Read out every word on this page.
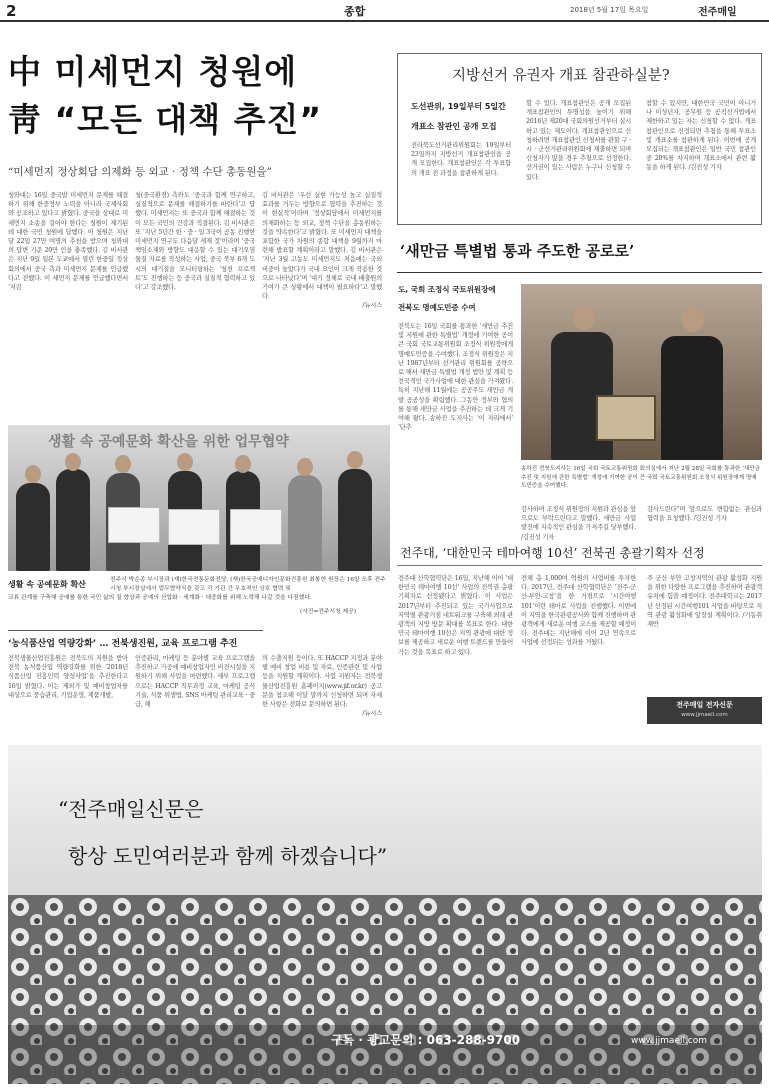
2	종합	2018년 5월 17일 목요일	전주매일
中 미세먼지 청원에
靑 “모든 대책 추진”
“미세먼지 정상회담 의제화 등 외교 · 정책 수단 총동원을”
청와대는 16일 중국발 미세먼지 문제를 해결하기 위해 한중정부 노력을 아니라 국제사회와 공조하고 있다고 밝혔다. 중국을 상대로 미세먼지 소송을 걸어야 한다는 청원이 제기된 데 대한 국민 청원에 답했다. 이 청원은 지난달 22일 27만 여명의 추천을 받으며 청와대의 답변 기준 20만 인을 충족했다. 김 비서관은 지난 9일 일본 도쿄에서 열린 한중일 정상회의에서 중국 측과 미세먼지 문제를 언급했다고 전했다. 이 세먼지 문제를 언급했다면서 ‘저감
청(중국환경) 측와도 ‘중국과 함께 연구하고, 실질적으로 문제를 해결하기를 바란다’고 답했다. 미세먼지는 또 중국과 함께 해결하는 것이 모든 국민의 건강과 직결된다. 김 비서관은 또 ‘지난 5년간 한 · 중 · 일 3국이 공동 진행한 미세먼지 연구도 다음달 게재 것’이라며 ‘중국 책임소재와 방향도 대응할 수 있는 대기오염물질 자료를 작성하는 사업, 중국 북부 6개 도시의 대기질을 모니터링하는 ‘청천 프로젝트’도 진행하는 등 중국과 실질적 협력하고 있다’고 강조했다.
김 비서관은 ‘우선 실현 가능성 높고 실질적 효과를 거두는 방향으로 협력을 추진하는 것이 현실적’이라며 ‘정상회담에서 미세먼지를 의제화하는 등 외교, 정책 수단을 총동원하는 것을 약속한다’고 밝혔다. 또 미세먼지 대책을 포함한 국가 차원의 종합 대책을 9월까지 마련해 발표할 계획이라고 말했다. 김 비서관은 ‘지난 3월 고농도 미세먼지도 처음에는 국외 비중이 높았다가 국내 요인이 크게 작용한 것으로 나타났다’며 ‘대기 정체로 국내 배출원의 기여가 큰 상황에서 대책이 필요하다’고 말했다.
/뉴시스
생활 속 공예문화 확산을 위한 업무협약
생활 속 공예문화 확산	전주시 박순종 부시장과 (재)한국전통문화전당, (재)한국공예디자인문화진흥원 최봉현 원장은 16일 오후 전주시청 부시장실에서 업무협약식을 갖고 각 기관 간 우호적인 상호 협력 및
교류 관계를 구축해 공예를 통한 국민 삶의 질 향상과 공예의 산업화 · 세계화 · 대중화를 위해 노력해 나갈 것을 다짐했다.
(사진=전주시청 제공)
‘농식품산업 역량강화’ … 전북생진원, 교육 프로그램 추진
전북생물산업진흥원은 전북도의 지원을 받아 전북 농식품산업 역량강화를 위한 ‘2018년 식품산업 진흥인력 양성사업’을 추진한다고 16일 밝혔다. 이는 제외가 및 예비창업자를 대상으로 풍습관리, 기업운영, 제품개발,
인증관리, 마케팅 등 분야별 교육 프로그램을 추진하고 가공에 예비창업자인 비전시설을 지원하기 위해 사업을 마련했다. 세부 프로그램으로는 HACCP 직무과정 교육, 마케팅 공식기술, 식품 위생법, SNS 마케팅 관리교육 · 중급, 해
의 수출지원 등이다. 또 HACCP 지정과 분야별 예비 창업 비용 및 자료, 인증관련 및 사업 등을 지원할 계획이다. 사업 지원자는 전북생물산업진흥원 홈페이지(www.jif.or.kr) 공고문을 참조해 이달 말까지 신청하면 되며 자세한 사항은 전화로 문의하면 된다.
/뉴시스
지방선거 유권자 개표 참관하실분?
도선관위, 19일부터 5일간
개표소 참관인 공개 모집
전라북도선거관리위원회는 19일부터 23일까지 지방선거 개표참관인을 공개 모집한다. 개표참관인은 각 투표함의 개표 전 과정을 참관하게 된다.
할 수 있다. 개표참관인은 공개 모집된 개표참관인의 투명성을 높이기 위해 2016년 제20대 국회의원선거부터 실시하고 있는 제도이다. 개표참관인으로 신청하려면 개표참관인 신청서를 관할 구 · 시 · 군선거관리위원회에 제출하면 되며 신청자가 많을 경우 추첨으로 선정한다. 선거권이 있는 사람은 누구나 신청할 수 있다.
참할 수 있지만, 대한민국 국민이 아니거나 미성년자, 공무원 등 공직선거법에서 제한하고 있는 자는 신청할 수 없다. 개표참관인으로 선정되면 추첨을 통해 투표소 및 개표소를 참관하게 된다. 이번에 공개모집되는 개표참관인은 일반 국민 참관인 중 20%를 차지하며 개표소에서 관련 활동을 하게 된다. /김진성 기자
‘새만금 특별법 통과 주도한 공로로’
도, 국회 조정식 국토위원장에
전북도 명예도민증 수여
전북도는 16일 국회를 통과한 ‘새만금 추진 및 지원에 관한 특별법’ 개정에 기여한 공이 큰 국회 국토교통위원회 조정식 위원장에게 명예도민증을 수여했다. 조정식 위원장은 지난 1987년부터 선거관리 위원회를 공략으로 해서 새만금 특별법 개정 법안 및 계획 등 전국적인 국가사업에 대한 관심을 가져왔다. 특히 지난해 11월에는 공공주도 새만금 개발 공공성을 확립했다. 그동안 정부와 협의를 통해 새만금 사업을 추진하는 데 크게 기여해 왔다. 송하진 도지사는 ‘이 자리에서’ ‘단추
송하진 전북도지사는 16일 국회 국토교통위원회 회의실에서 지난 2월 28일 국회를 통과한 ‘새만금 추진 및 지원에 관한 특별법’ 개정에 기여한 공이 큰 국회 국토교통위원회 조정식 위원장에게 명예도민증을 수여했다.
감사하며 조정식 위원장의 지원과 관심을 앞으로도 부탁드린다고 말했다. 새만금 사업 발전에 지속적인 관심을 가져주길 당부했다. /김진성 기자
감사드린다”며 앞으로도 변함없는 관심과 협력을 요청했다. /김진성 기자
전주대, ‘대한민국 테마여행 10선’ 전북권 총괄기획자 선정
전주대 산학협력단은 16일, 지난해 이어 ‘대한민국 테마여행 10선’ 사업의 전북권 총괄기획자로 선정됐다고 밝혔다. 이 사업은 2017년부터 추진되고 있는 국가사업으로 지역별 관광거점 네트워크를 구축해 외래 관광객의 지방 방문 확대를 목표로 한다. 대한민국 테마여행 10선은 지역 관광에 대한 정보를 제공하고 새로운 여행 트렌드를 만들어 가는 것을 목표로 하고 있다.
전체 총 1,000여 억원의 사업비를 투자한다. 2017년, 전주대 산학협력단은 ‘전주-군산-부안-고창’을 한 거점으로 ‘시간여행101’이란 테마로 사업을 진행했다. 이번에 이 지역을 한국관광공사와 함께 진행하며 관광객에게 새로운 여행 코스를 제공할 예정이다. 전주대는 지난해에 이어 2년 연속으로 사업에 선정되는 성과를 거뒀다.
주 군산 부안 고창지역의 관광 활성화 지원을 위한 다양한 프로그램을 추진하며 관광객 유치에 힘쓸 예정이다. 전주대학교는 2017년 선정된 시간여행101 사업을 바탕으로 지역 관광 활성화에 앞장설 계획이다. /기동취재반
전주매일 전자신문
www.jjmaeil.com
“전주매일신문은
항상 도민여러분과 함께 하겠습니다”
구독 · 광고문의 : 063-288-9700	www.jjmaeil.com
